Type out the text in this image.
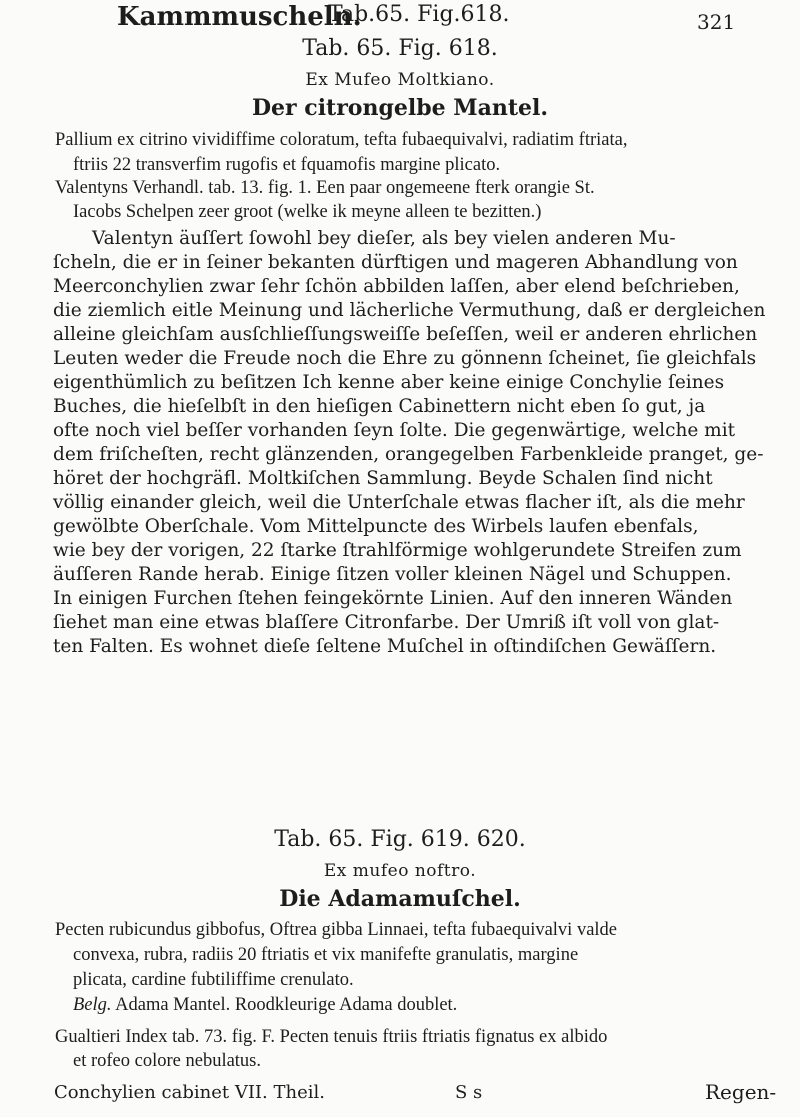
Kammmuscheln.
Tab.65. Fig.618.	321
Tab. 65. Fig. 618.
Ex Mufeo Moltkiano.
Der citrongelbe Mantel.
Pallium ex citrino vividiffime coloratum, tefta fubaequivalvi, radiatim ftriata,
ftriis 22 transverfim rugofis et fquamofis margine plicato.
Valentyns Verhandl. tab. 13. fig. 1. Een paar ongemeene fterk orangie St.
Iacobs Schelpen zeer groot (welke ik meyne alleen te bezitten.)
Valentyn äuſſert ſowohl bey dieſer, als bey vielen anderen Mu-
ſcheln, die er in ſeiner bekanten dürftigen und mageren Abhandlung von
Meerconchylien zwar ſehr ſchön abbilden laſſen, aber elend beſchrieben,
die ziemlich eitle Meinung und lächerliche Vermuthung, daß er dergleichen
alleine gleichſam ausſchlieſſungsweiſſe beſeſſen, weil er anderen ehrlichen
Leuten weder die Freude noch die Ehre zu gönnenn ſcheinet, ſie gleichfals
eigenthümlich zu beſitzen Ich kenne aber keine einige Conchylie ſeines
Buches, die hieſelbſt in den hieſigen Cabinettern nicht eben ſo gut, ja
ofte noch viel beſſer vorhanden ſeyn ſolte. Die gegenwärtige, welche mit
dem friſcheſten, recht glänzenden, orangegelben Farbenkleide pranget, ge-
höret der hochgräfl. Moltkiſchen Sammlung. Beyde Schalen ſind nicht
völlig einander gleich, weil die Unterſchale etwas flacher iſt, als die mehr
gewölbte Oberſchale. Vom Mittelpuncte des Wirbels laufen ebenfals,
wie bey der vorigen, 22 ſtarke ſtrahlförmige wohlgerundete Streifen zum
äuſſeren Rande herab. Einige ſitzen voller kleinen Nägel und Schuppen.
In einigen Furchen ſtehen feingekörnte Linien. Auf den inneren Wänden
ſiehet man eine etwas blaſſere Citronfarbe. Der Umriß iſt voll von glat-
ten Falten. Es wohnet dieſe ſeltene Muſchel in oſtindiſchen Gewäſſern.
Tab. 65. Fig. 619. 620.
Ex mufeo noftro.
Die Adamamuſchel.
Pecten rubicundus gibbofus, Oftrea gibba Linnaei, tefta fubaequivalvi valde
convexa, rubra, radiis 20 ftriatis et vix manifefte granulatis, margine
plicata, cardine fubtiliffime crenulato.
Belg. Adama Mantel. Roodkleurige Adama doublet.
Gualtieri Index tab. 73. fig. F. Pecten tenuis ftriis ftriatis fignatus ex albido
et rofeo colore nebulatus.
Conchylien cabinet VII. Theil.	S s	Regen-
